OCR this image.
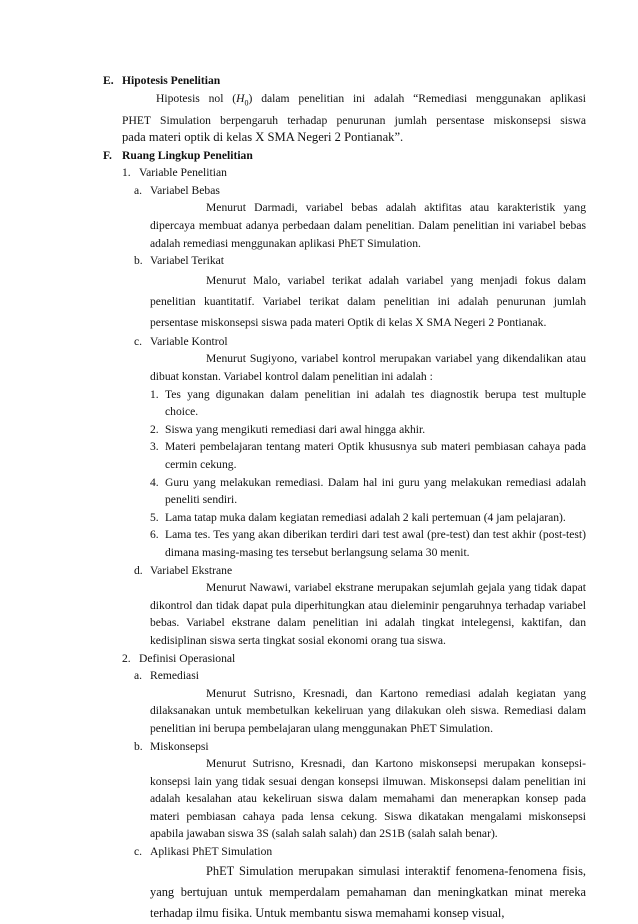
E. Hipotesis Penelitian
Hipotesis nol $(H_0)$ dalam penelitian ini adalah “Remediasi menggunakan aplikasi
PHET Simulation berpengaruh terhadap penurunan jumlah persentase miskonsepsi siswa
pada materi optik di kelas X SMA Negeri 2 Pontianak”.
F. Ruang Lingkup Penelitian
1. Variable Penelitian
a. Variabel Bebas
Menurut Darmadi, variabel bebas adalah aktifitas atau karakteristik yang dipercaya membuat adanya perbedaan dalam penelitian. Dalam penelitian ini variabel bebas adalah remediasi menggunakan aplikasi PhET Simulation.
b. Variabel Terikat
Menurut Malo, variabel terikat adalah variabel yang menjadi fokus dalam penelitian kuantitatif. Variabel terikat dalam penelitian ini adalah penurunan jumlah persentase miskonsepsi siswa pada materi Optik di kelas X SMA Negeri 2 Pontianak.
c. Variable Kontrol
Menurut Sugiyono, variabel kontrol merupakan variabel yang dikendalikan atau dibuat konstan. Variabel kontrol dalam penelitian ini adalah :
1. Tes yang digunakan dalam penelitian ini adalah tes diagnostik berupa test multuple choice.
2. Siswa yang mengikuti remediasi dari awal hingga akhir.
3. Materi pembelajaran tentang materi Optik khususnya sub materi pembiasan cahaya pada cermin cekung.
4. Guru yang melakukan remediasi. Dalam hal ini guru yang melakukan remediasi adalah peneliti sendiri.
5. Lama tatap muka dalam kegiatan remediasi adalah 2 kali pertemuan (4 jam pelajaran).
6. Lama tes. Tes yang akan diberikan terdiri dari test awal (pre-test) dan test akhir (post-test) dimana masing-masing tes tersebut berlangsung selama 30 menit.
d. Variabel Ekstrane
Menurut Nawawi, variabel ekstrane merupakan sejumlah gejala yang tidak dapat dikontrol dan tidak dapat pula diperhitungkan atau dieleminir pengaruhnya terhadap variabel bebas. Variabel ekstrane dalam penelitian ini adalah tingkat intelegensi, kaktifan, dan kedisiplinan siswa serta tingkat sosial ekonomi orang tua siswa.
2. Definisi Operasional
a. Remediasi
Menurut Sutrisno, Kresnadi, dan Kartono remediasi adalah kegiatan yang dilaksanakan untuk membetulkan kekeliruan yang dilakukan oleh siswa. Remediasi dalam penelitian ini berupa pembelajaran ulang menggunakan PhET Simulation.
b. Miskonsepsi
Menurut Sutrisno, Kresnadi, dan Kartono miskonsepsi merupakan konsepsi-konsepsi lain yang tidak sesuai dengan konsepsi ilmuwan. Miskonsepsi dalam penelitian ini adalah kesalahan atau kekeliruan siswa dalam memahami dan menerapkan konsep pada materi pembiasan cahaya pada lensa cekung. Siswa dikatakan mengalami miskonsepsi apabila jawaban siswa 3S (salah salah salah) dan 2S1B (salah salah benar).
c. Aplikasi PhET Simulation
PhET Simulation merupakan simulasi interaktif fenomena-fenomena fisis, yang bertujuan untuk memperdalam pemahaman dan meningkatkan minat mereka terhadap ilmu fisika. Untuk membantu siswa memahami konsep visual,
